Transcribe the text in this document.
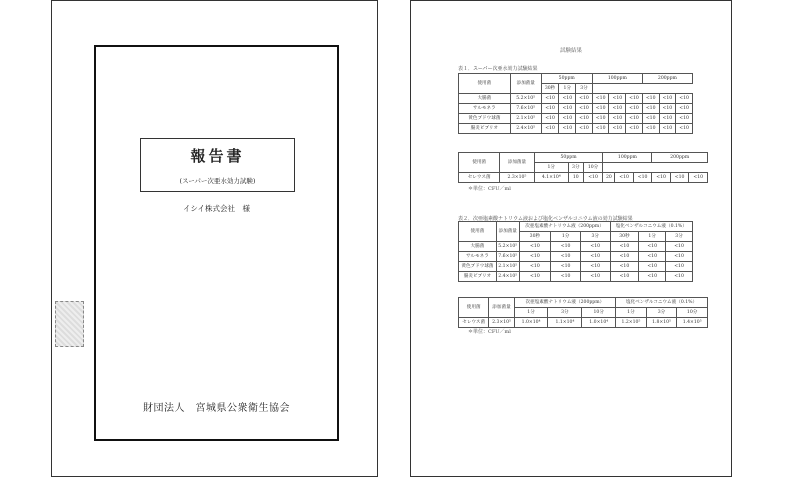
報告書
(スーパー次亜水効力試験)
イシイ株式会社　様
財団法人　宮城県公衆衛生協会
試験結果
表１．スーパー次亜水効力試験結果
使用菌	添加菌量	50ppm			100ppm			200ppm		
		30秒	1分	3分						
大腸菌	5.2×10⁵	<10	<10	<10	<10	<10	<10	<10	<10	<10
サルモネラ	7.6×10⁵	<10	<10	<10	<10	<10	<10	<10	<10	<10
黄色ブドウ球菌	2.1×10⁵	<10	<10	<10	<10	<10	<10	<10	<10	<10
腸炎ビブリオ	2.4×10⁵	<10	<10	<10	<10	<10	<10	<10	<10	<10
使用菌	添加菌量	50ppm			100ppm			200ppm		
		1分	3分	10分						
セレウス菌	2.3×10⁵	4.1×10⁴	10	<10	20	<10	<10	<10	<10	<10
＊単位：CFU／ml
表２．次亜塩素酸ナトリウム液および塩化ベンザルコニウム液の効力試験結果
使用菌	添加菌量	次亜塩素酸ナトリウム液（200ppm）			塩化ベンザルコニウム液（0.1%）		
		30秒	1分	3分	30秒	1分	3分
大腸菌	5.2×10⁵	<10	<10	<10	<10	<10	<10
サルモネラ	7.6×10⁵	<10	<10	<10	<10	<10	<10
黄色ブドウ球菌	2.1×10⁵	<10	<10	<10	<10	<10	<10
腸炎ビブリオ	2.4×10⁵	<10	<10	<10	<10	<10	<10
使用菌	添加菌量	次亜塩素酸ナトリウム液（200ppm）			塩化ベンザルコニウム液（0.1%）		
		1分	3分	10分	1分	3分	10分
セレウス菌	2.3×10⁵	1.0×10⁴	1.1×10⁴	1.0×10⁴	1.2×10⁵	1.8×10⁵	1.4×10⁵
＊単位：CFU／ml
